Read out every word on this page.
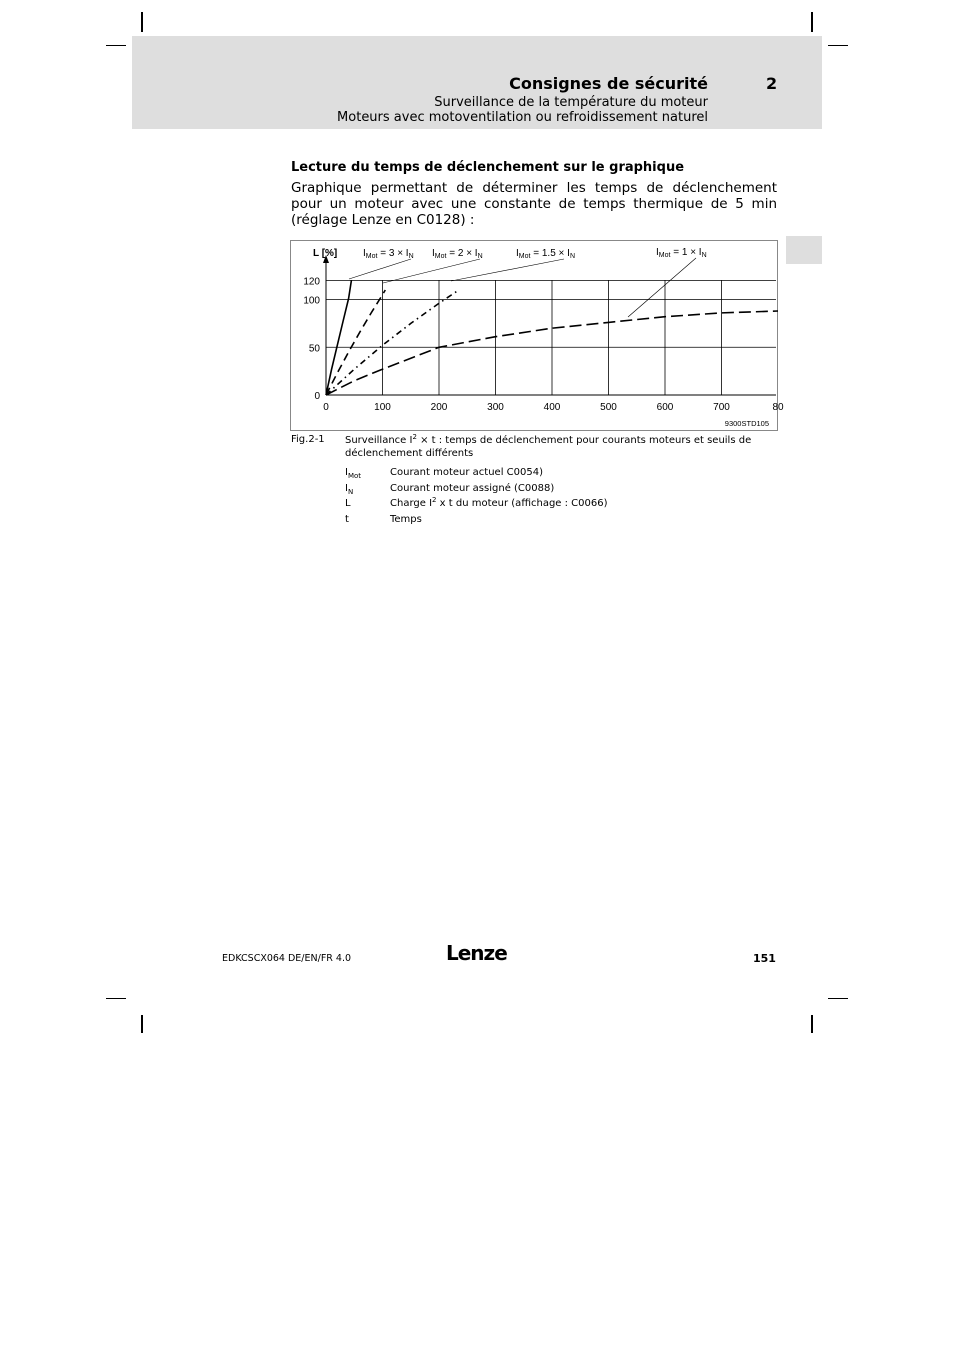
Consignes de sécurité	2
Surveillance de la température du moteur
Moteurs avec motoventilation ou refroidissement naturel
Lecture du temps de déclenchement sur le graphique
Graphique permettant de déterminer les temps de déclenchement pour un moteur avec une constante de temps thermique de 5 min (réglage Lenze en C0128) :
0	100	200	300	400	500	600	700	80
0
50
100
120
L [%]	$I_{Mot} = 3 \times I_N$ $I_{Mot} = 2 \times I_N$	$I_{Mot} = 1.5 \times I_N$	$I_{Mot} = 1 \times I_N$
9300STD105
Fig.2-1 Surveillance $I^2 \times t$ : temps de déclenchement pour courants moteurs et seuils de déclenchement différents
$I_{Mot}$	Courant moteur actuel C0054)
$I_N$	Courant moteur assigné (C0088)
L	Charge $I^2$ x t du moteur (affichage : C0066)
t	Temps
EDKCSCX064 DE/EN/FR 4.0	Lenze	151
